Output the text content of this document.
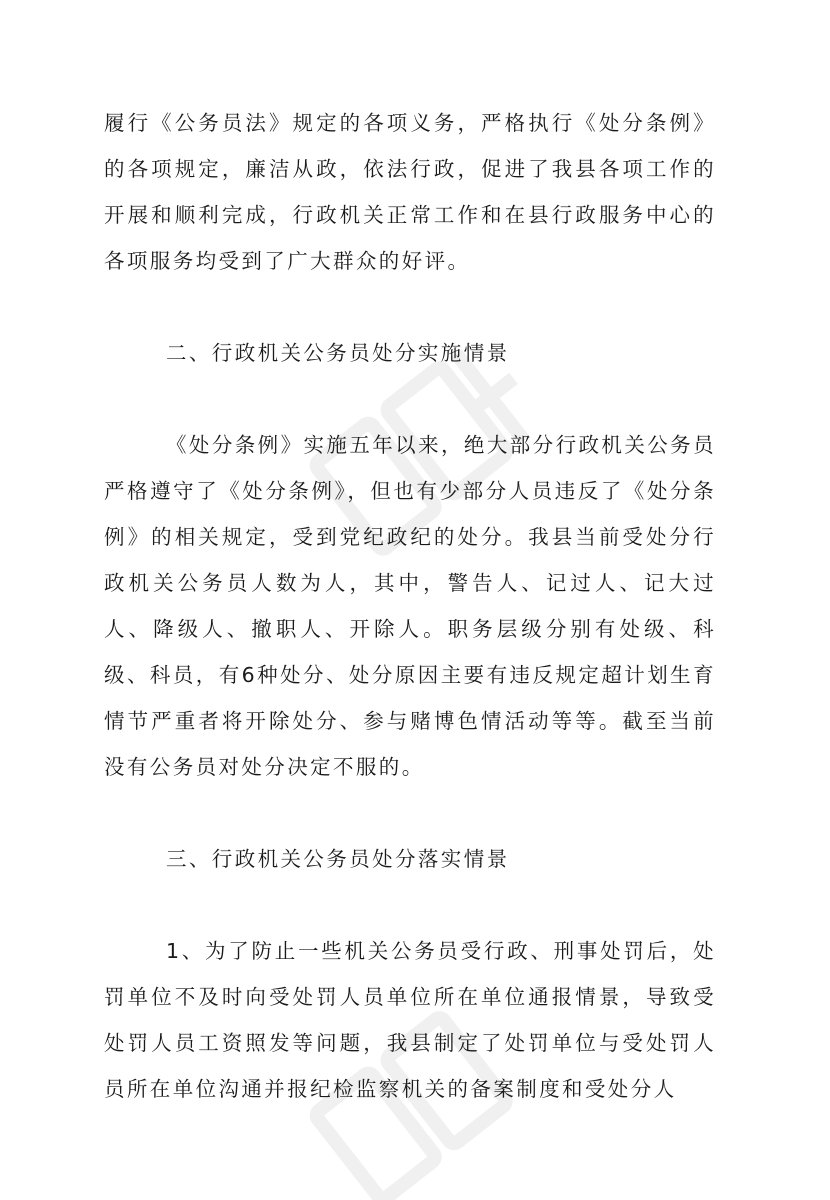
履行《公务员法》规定的各项义务，严格执行《处分条例》的各项规定，廉洁从政，依法行政，促进了我县各项工作的开展和顺利完成，行政机关正常工作和在县行政服务中心的各项服务均受到了广大群众的好评。

二、行政机关公务员处分实施情景

《处分条例》实施五年以来，绝大部分行政机关公务员严格遵守了《处分条例》，但也有少部分人员违反了《处分条例》的相关规定，受到党纪政纪的处分。我县当前受处分行政机关公务员人数为人，其中，警告人、记过人、记大过人、降级人、撤职人、开除人。职务层级分别有处级、科级、科员，有6种处分、处分原因主要有违反规定超计划生育情节严重者将开除处分、参与赌博色情活动等等。截至当前没有公务员对处分决定不服的。

三、行政机关公务员处分落实情景

1、为了防止一些机关公务员受行政、刑事处罚后，处罚单位不及时向受处罚人员单位所在单位通报情景，导致受处罚人员工资照发等问题，我县制定了处罚单位与受处罚人员所在单位沟通并报纪检监察机关的备案制度和受处分人
